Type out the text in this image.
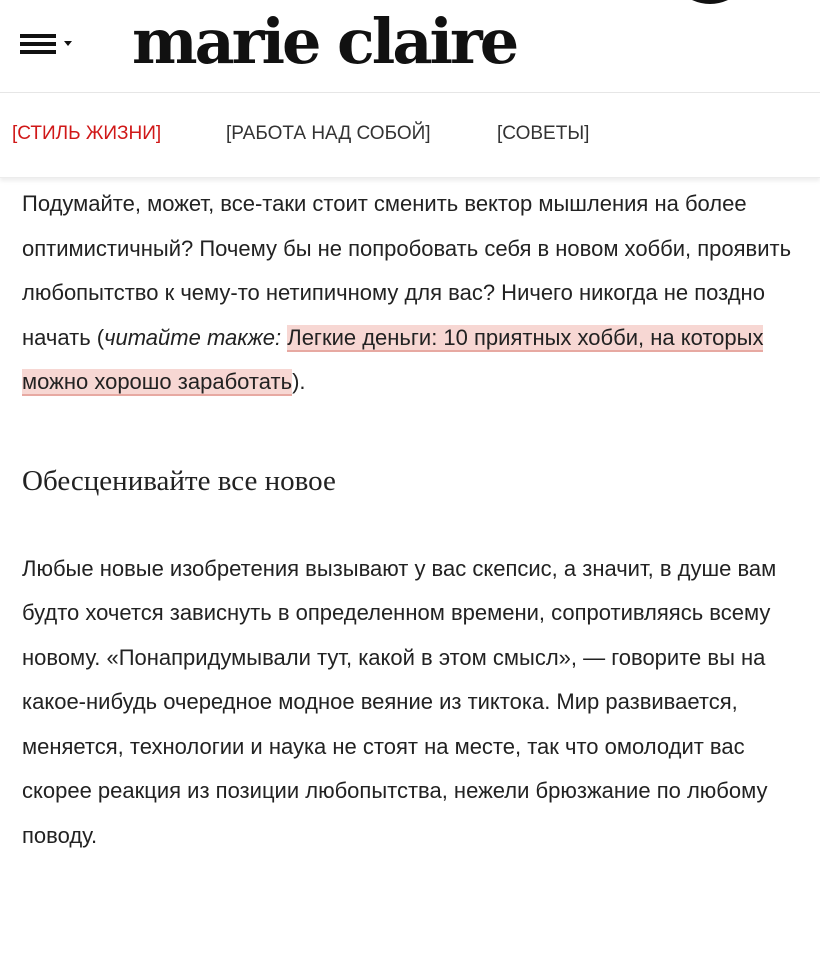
marie claire
[СТИЛЬ ЖИЗНИ]	[РАБОТА НАД СОБОЙ]	[СОВЕТЫ]

Подумайте, может, все-таки стоит сменить вектор мышления на более оптимистичный? Почему бы не попробовать себя в новом хобби, проявить любопытство к чему-то нетипичному для вас? Ничего никогда не поздно начать (читайте также: Легкие деньги: 10 приятных хобби, на которых можно хорошо заработать).

Обесценивайте все новое

Любые новые изобретения вызывают у вас скепсис, а значит, в душе вам будто хочется зависнуть в определенном времени, сопротивляясь всему новому. «Понапридумывали тут, какой в этом смысл», — говорите вы на какое-нибудь очередное модное веяние из тиктока. Мир развивается, меняется, технологии и наука не стоят на месте, так что омолодит вас скорее реакция из позиции любопытства, нежели брюзжание по любому поводу.
